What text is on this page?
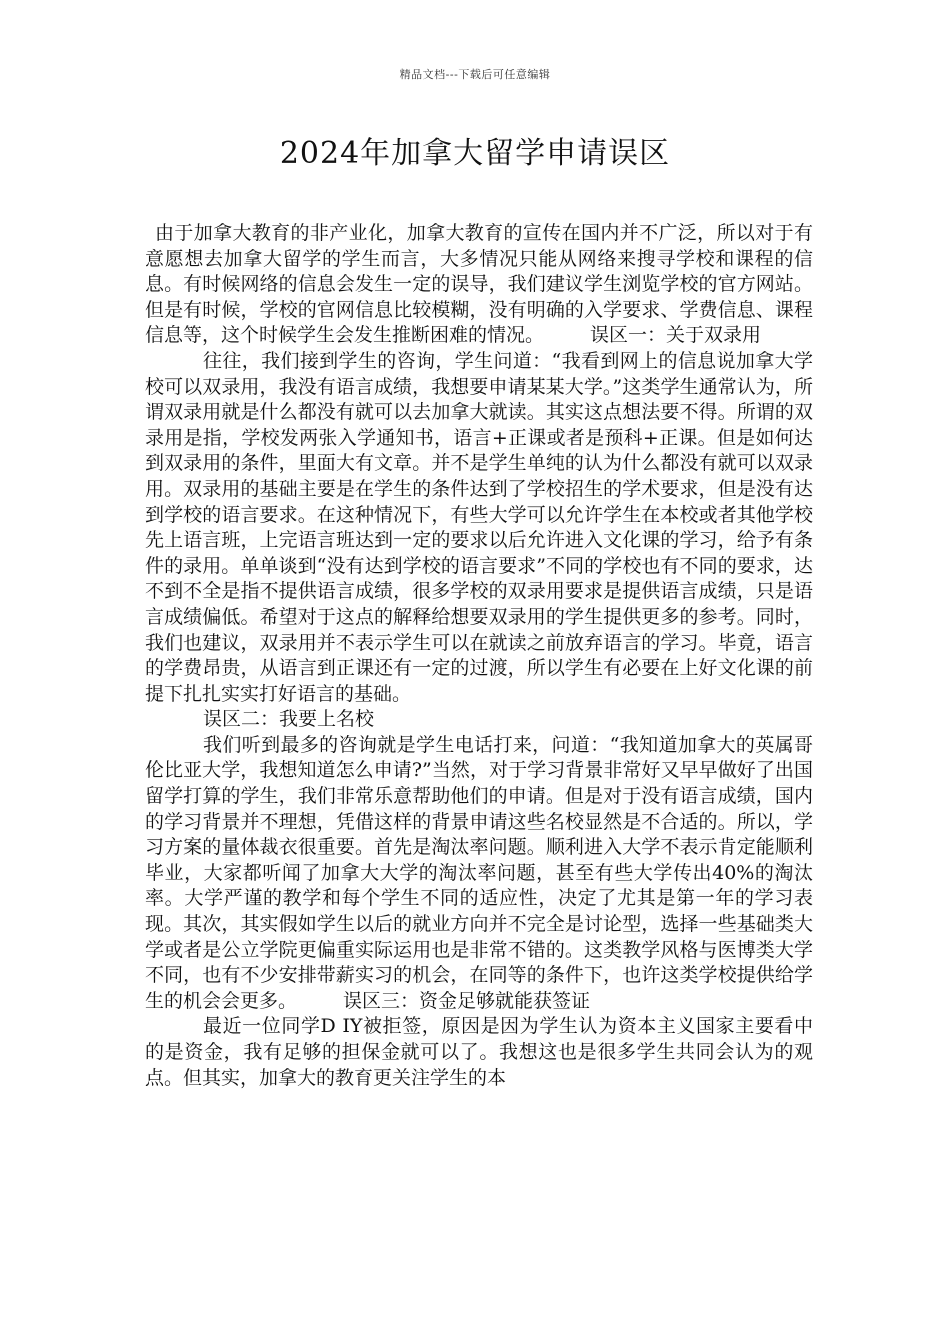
精品文档---下载后可任意编辑
2024年加拿大留学申请误区

由于加拿大教育的非产业化，加拿大教育的宣传在国内并不广泛，所以对于有意愿想去加拿大留学的学生而言，大多情况只能从网络来搜寻学校和课程的信息。有时候网络的信息会发生一定的误导，我们建议学生浏览学校的官方网站。但是有时候，学校的官网信息比较模糊，没有明确的入学要求、学费信息、课程信息等，这个时候学生会发生推断困难的情况。 误区一：关于双录用

往往，我们接到学生的咨询，学生问道：“我看到网上的信息说加拿大学校可以双录用，我没有语言成绩，我想要申请某某大学。”这类学生通常认为，所谓双录用就是什么都没有就可以去加拿大就读。其实这点想法要不得。所谓的双录用是指，学校发两张入学通知书，语言+正课或者是预科+正课。但是如何达到双录用的条件，里面大有文章。并不是学生单纯的认为什么都没有就可以双录用。双录用的基础主要是在学生的条件达到了学校招生的学术要求，但是没有达到学校的语言要求。在这种情况下，有些大学可以允许学生在本校或者其他学校先上语言班，上完语言班达到一定的要求以后允许进入文化课的学习，给予有条件的录用。单单谈到“没有达到学校的语言要求”不同的学校也有不同的要求，达不到不全是指不提供语言成绩，很多学校的双录用要求是提供语言成绩，只是语言成绩偏低。希望对于这点的解释给想要双录用的学生提供更多的参考。同时，我们也建议，双录用并不表示学生可以在就读之前放弃语言的学习。毕竟，语言的学费昂贵，从语言到正课还有一定的过渡，所以学生有必要在上好文化课的前提下扎扎实实打好语言的基础。

误区二：我要上名校

我们听到最多的咨询就是学生电话打来，问道：“我知道加拿大的英属哥伦比亚大学，我想知道怎么申请?”当然，对于学习背景非常好又早早做好了出国留学打算的学生，我们非常乐意帮助他们的申请。但是对于没有语言成绩，国内的学习背景并不理想，凭借这样的背景申请这些名校显然是不合适的。所以，学习方案的量体裁衣很重要。首先是淘汰率问题。顺利进入大学不表示肯定能顺利毕业，大家都听闻了加拿大大学的淘汰率问题，甚至有些大学传出40%的淘汰率。大学严谨的教学和每个学生不同的适应性，决定了尤其是第一年的学习表现。其次，其实假如学生以后的就业方向并不完全是讨论型，选择一些基础类大学或者是公立学院更偏重实际运用也是非常不错的。这类教学风格与医博类大学不同，也有不少安排带薪实习的机会，在同等的条件下，也许这类学校提供给学生的机会会更多。 误区三：资金足够就能获签证

最近一位同学D IY被拒签，原因是因为学生认为资本主义国家主要看中的是资金，我有足够的担保金就可以了。我想这也是很多学生共同会认为的观点。但其实，加拿大的教育更关注学生的本
